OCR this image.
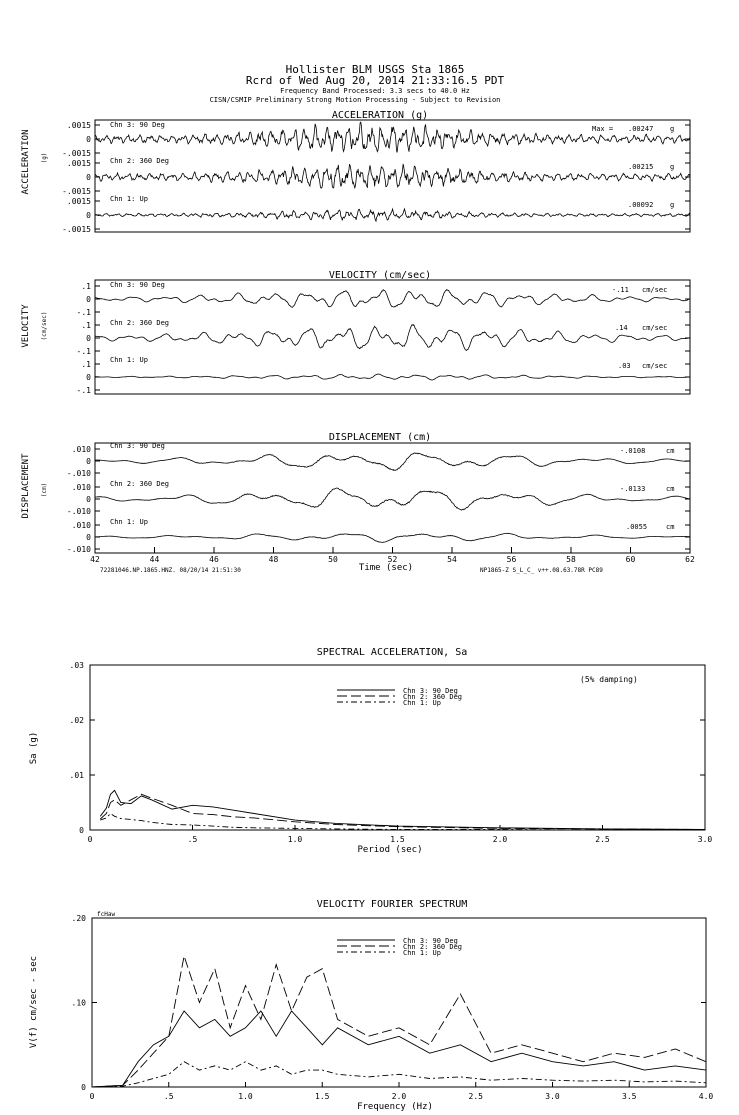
Hollister BLM USGS Sta 1865
Rcrd of Wed Aug 20, 2014 21:33:16.5 PDT
Frequency Band Processed: 3.3 secs to 40.0 Hz
CISN/CSMIP Preliminary Strong Motion Processing - Subject to Revision
ACCELERATION (g)
ACCELERATION (g)
.0015
0
-.0015
.0015
0
-.0015
.0015
0
-.0015
Chn 3: 90 Deg
Chn 2: 360 Deg
Chn 1: Up
Max = .00247 g
.00215 g
.00092 g
VELOCITY (cm/sec)
VELOCITY (cm/sec)
.1
0
-.1
.1
0
-.1
.1
0
-.1
Chn 3: 90 Deg
Chn 2: 360 Deg
Chn 1: Up
-.11 cm/sec
.14 cm/sec
.03 cm/sec
DISPLACEMENT (cm)
DISPLACEMENT (cm)
.010
0
-.010
.010
0
-.010
.010
0
-.010
Chn 3: 90 Deg
Chn 2: 360 Deg
Chn 1: Up
-.0108	cm
-.0133	cm
.0055	cm
42	44	46	48	50	52	54	56	58	60	62
Time (sec)
72281046.NP.1865.HNZ. 08/20/14 21:51:30	NP1865-Z S_L_C_ v++.08.63.78R PC89
SPECTRAL ACCELERATION, Sa
(5% damping)
Chn 3: 90 Deg
Chn 2: 360 Deg
Chn 1: Up
0	.5	1.0	1.5	2.0	2.5	3.0
0
.01
.02
.03
Period (sec)
Sa (g)
VELOCITY FOURIER SPECTRUM
fcHaw
Chn 3: 90 Deg
Chn 2: 360 Deg
Chn 1: Up
0	.5	1.0	1.5	2.0	2.5	3.0	3.5	4.0
0
.10
.20
Frequency (Hz)
V(f) cm/sec - sec
